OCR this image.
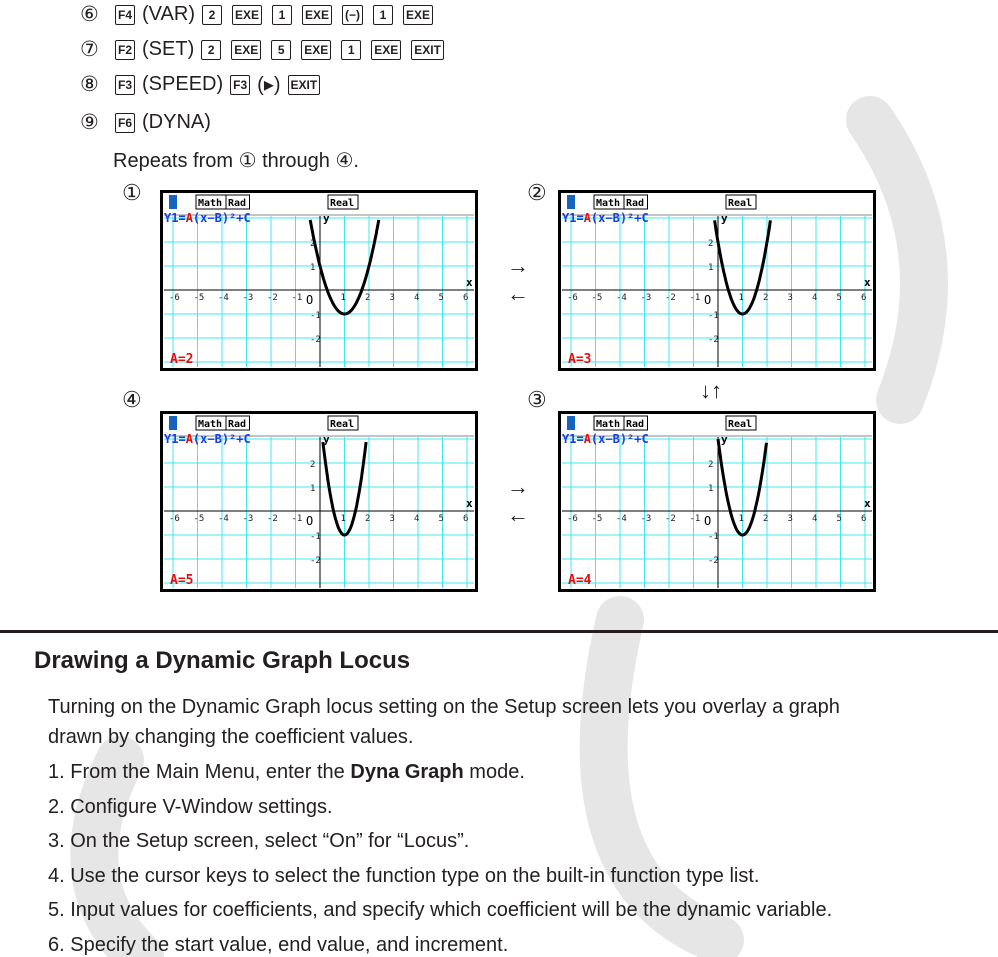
⑥	F4 (VAR)	2	EXE	1	EXE (−)	1	EXE
⑦	F2 (SET)	2	EXE	5	EXE	1	EXE EXIT
⑧	F3 (SPEED) F3 (▸) EXIT
⑨	F6 (DYNA)
Repeats from ① through ④.
①	②
④	③
Math Rad	Real
-6 -5 -4 -3 -2 -1	1 2 3 4 5 6
2
1
-1
-2
O
y
x
Y1=A(x−B)²+C
A=2
Math Rad	Real
-6 -5 -4 -3 -2 -1	1 2 3 4 5 6
2
1
-1
-2
O
y
x
Y1=A(x−B)²+C
A=3
Math Rad	Real
-6 -5 -4 -3 -2 -1	1 2 3 4 5 6
2
1
-1
-2
O
y
x
Y1=A(x−B)²+C
A=4
Math Rad	Real
-6 -5 -4 -3 -2 -1	1 2 3 4 5 6
2
1
-1
-2
O
y
x
Y1=A(x−B)²+C
A=5
→
←
↓↑
→
←
Drawing a Dynamic Graph Locus
Turning on the Dynamic Graph locus setting on the Setup screen lets you overlay a graph
drawn by changing the coefficient values.
1. From the Main Menu, enter the Dyna Graph mode.
2. Configure V-Window settings.
3. On the Setup screen, select “On” for “Locus”.
4. Use the cursor keys to select the function type on the built-in function type list.
5. Input values for coefficients, and specify which coefficient will be the dynamic variable.
6. Specify the start value, end value, and increment.
